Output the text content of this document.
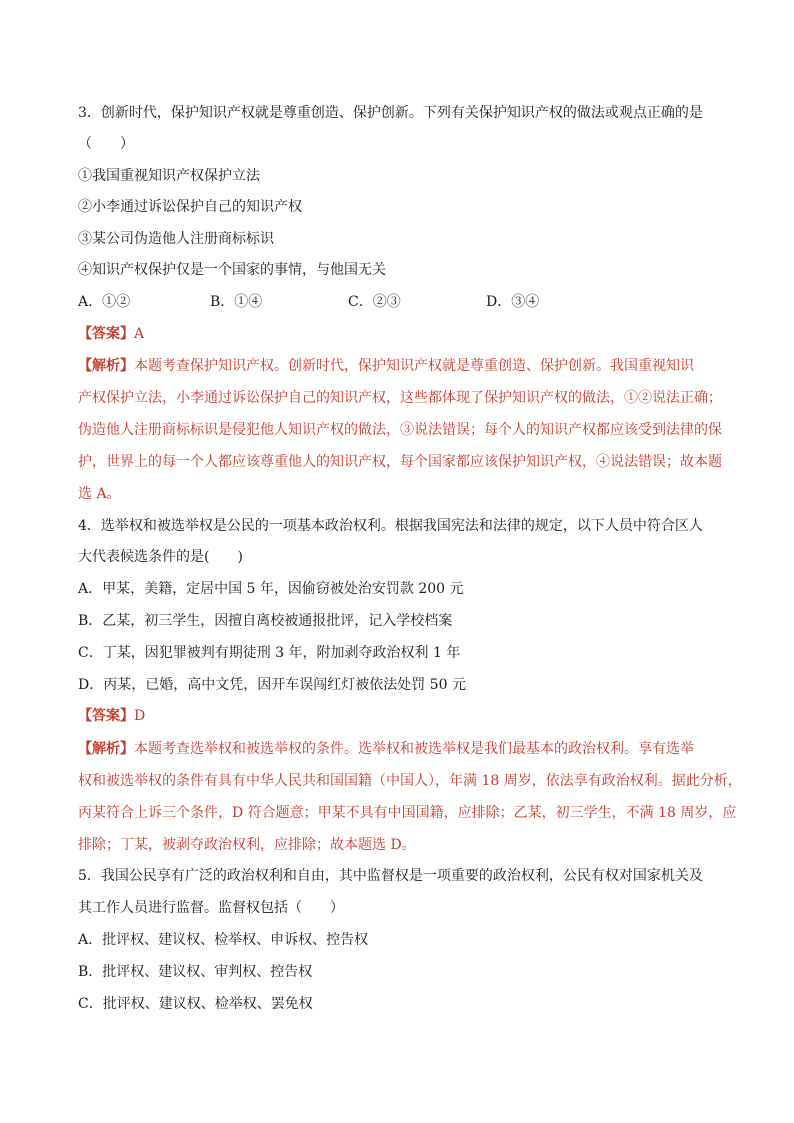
3．创新时代，保护知识产权就是尊重创造、保护创新。下列有关保护知识产权的做法或观点正确的是
（　　）
①我国重视知识产权保护立法
②小李通过诉讼保护自己的知识产权
③某公司伪造他人注册商标标识
④知识产权保护仅是一个国家的事情，与他国无关
A．①②	B．①④	C．②③	D．③④
【答案】A
【解析】本题考查保护知识产权。创新时代，保护知识产权就是尊重创造、保护创新。我国重视知识
产权保护立法，小李通过诉讼保护自己的知识产权，这些都体现了保护知识产权的做法，①②说法正确；
伪造他人注册商标标识是侵犯他人知识产权的做法，③说法错误；每个人的知识产权都应该受到法律的保
护，世界上的每一个人都应该尊重他人的知识产权，每个国家都应该保护知识产权，④说法错误；故本题
选 A。
4．选举权和被选举权是公民的一项基本政治权利。根据我国宪法和法律的规定，以下人员中符合区人
大代表候选条件的是(　　)
A．甲某，美籍，定居中国 5 年，因偷窃被处治安罚款 200 元
B．乙某，初三学生，因擅自离校被通报批评，记入学校档案
C．丁某，因犯罪被判有期徒刑 3 年，附加剥夺政治权利 1 年
D．丙某，已婚，高中文凭，因开车误闯红灯被依法处罚 50 元
【答案】D
【解析】本题考查选举权和被选举权的条件。选举权和被选举权是我们最基本的政治权利。享有选举
权和被选举权的条件有具有中华人民共和国国籍（中国人），年满 18 周岁，依法享有政治权利。据此分析，
丙某符合上诉三个条件，D 符合题意；甲某不具有中国国籍，应排除；乙某，初三学生，不满 18 周岁，应
排除；丁某，被剥夺政治权利，应排除；故本题选 D。
5．我国公民享有广泛的政治权利和自由，其中监督权是一项重要的政治权利，公民有权对国家机关及
其工作人员进行监督。监督权包括（　　）
A．批评权、建议权、检举权、申诉权、控告权
B．批评权、建议权、审判权、控告权
C．批评权、建议权、检举权、罢免权
